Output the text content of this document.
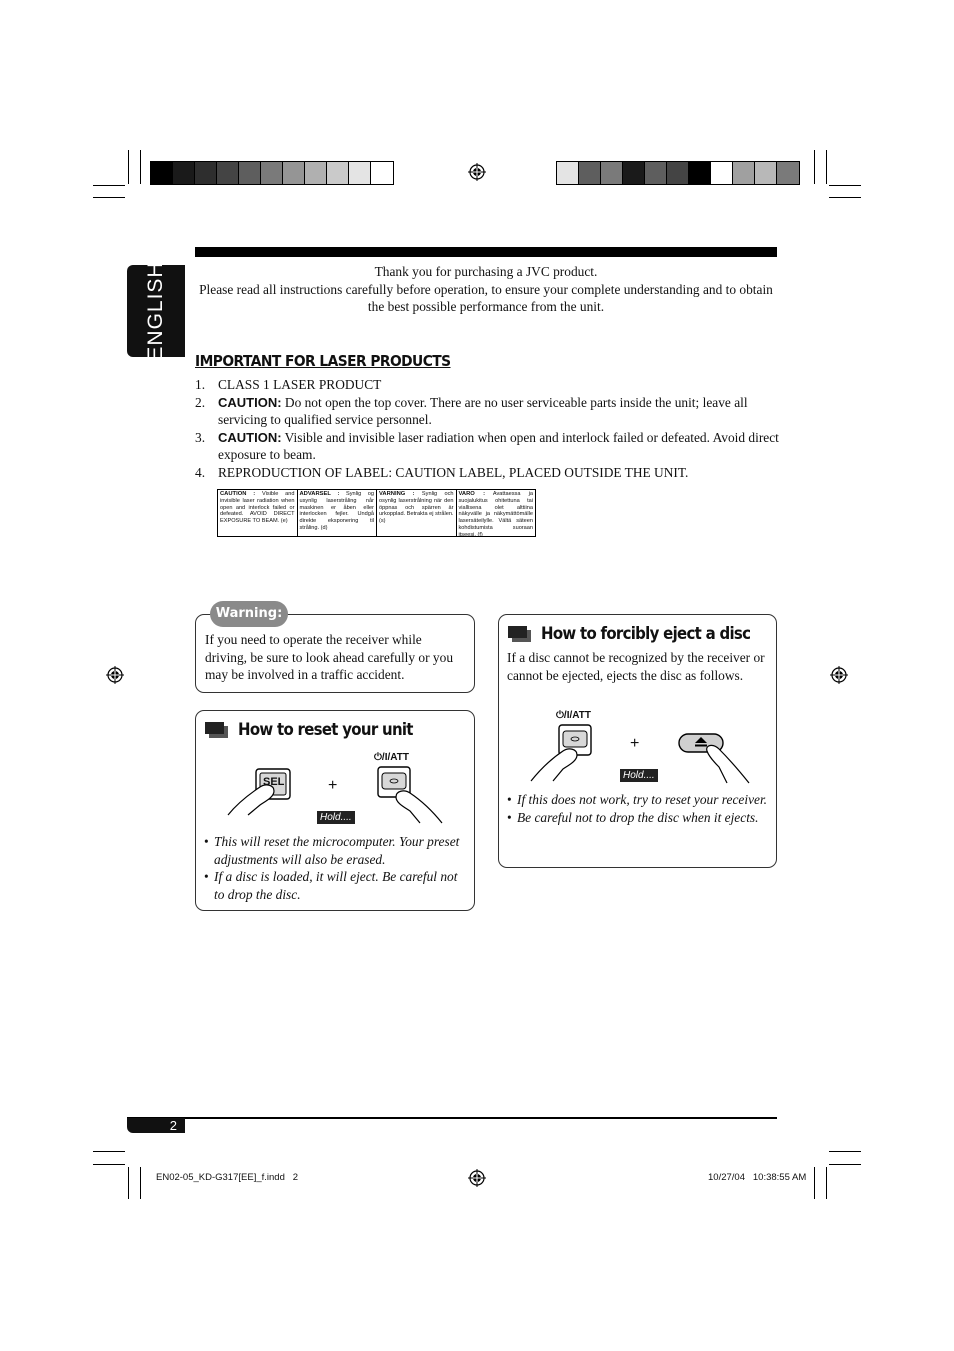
ENGLISH	Thank you for purchasing a JVC product.
Please read all instructions carefully before operation, to ensure your complete understanding and to obtain the best possible performance from the unit.
IMPORTANT FOR LASER PRODUCTS
1. CLASS 1 LASER PRODUCT
2. CAUTION: Do not open the top cover. There are no user serviceable parts inside the unit; leave all servicing to qualified service personnel.
3. CAUTION: Visible and invisible laser radiation when open and interlock failed or defeated. Avoid direct exposure to beam.
4. REPRODUCTION OF LABEL: CAUTION LABEL, PLACED OUTSIDE THE UNIT.
CAUTION : Visible and invisible laser radiation when open and interlock failed or defeated. AVOID DIRECT EXPOSURE TO BEAM. (e)
ADVARSEL : Synlig og usynlig laserstråling når maskinen er åben eller interlocken fejler. Undgå direkte eksponering til stråling. (d)
VARNING : Synlig och osynlig laserstrålning när den öppnas och spärren är urkopplad. Betrakta ej strålen. (s)
VARO : Avattaessa ja suojalukitus ohitettuna tai viallisena olet alttiina näkyvälle ja näkymättömälle lasersäteilylle. Vältä säteen kohdistumista suoraan itseesi. (f)
If you need to operate the receiver while driving, be sure to look ahead carefully or you may be involved in a traffic accident.
Warning:
How to reset your unit
SEL	+
⏻/I/ATT
Hold....
• This will reset the microcomputer. Your preset adjustments will also be erased.
• If a disc is loaded, it will eject. Be careful not to drop the disc.
How to forcibly eject a disc
If a disc cannot be recognized by the receiver or cannot be ejected, ejects the disc as follows.
⏻/I/ATT
+
Hold....
• If this does not work, try to reset your receiver.
• Be careful not to drop the disc when it ejects.
2
EN02-05_KD-G317[EE]_f.indd   2	10/27/04   10:38:55 AM
